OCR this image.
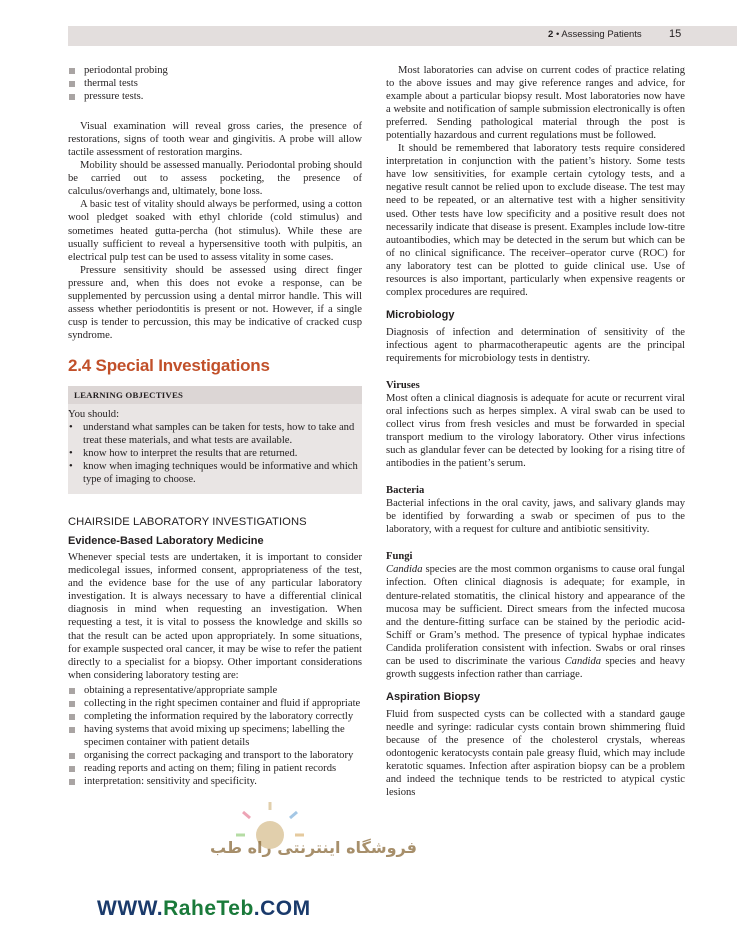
2 • Assessing Patients	15
periodontal probing
thermal tests
pressure tests.

Visual examination will reveal gross caries, the presence of restorations, signs of tooth wear and gingivitis. A probe will allow tactile assessment of restoration margins.

Mobility should be assessed manually. Periodontal probing should be carried out to assess pocketing, the presence of calculus/overhangs and, ultimately, bone loss.

A basic test of vitality should always be performed, using a cotton wool pledget soaked with ethyl chloride (cold stimulus) and sometimes heated gutta-percha (hot stimulus). While these are usually sufficient to reveal a hypersensitive tooth with pulpitis, an electrical pulp test can be used to assess vitality in some cases.

Pressure sensitivity should be assessed using direct finger pressure and, when this does not evoke a response, can be supplemented by percussion using a dental mirror handle. This will assess whether periodontitis is present or not. However, if a single cusp is tender to percussion, this may be indicative of cracked cusp syndrome.

2.4 Special Investigations
LEARNING OBJECTIVES

You should:

• understand what samples can be taken for tests, how to take and treat these materials, and what tests are available.
• know how to interpret the results that are returned.
• know when imaging techniques would be informative and which type of imaging to choose.
CHAIRSIDE LABORATORY INVESTIGATIONS
Evidence-Based Laboratory Medicine

Whenever special tests are undertaken, it is important to consider medicolegal issues, informed consent, appropriateness of the test, and the evidence base for the use of any particular laboratory investigation. It is always necessary to have a differential clinical diagnosis in mind when requesting an investigation. When requesting a test, it is vital to possess the knowledge and skills so that the result can be acted upon appropriately. In some situations, for example suspected oral cancer, it may be wise to refer the patient directly to a specialist for a biopsy. Other important considerations when considering laboratory testing are:

obtaining a representative/appropriate sample
collecting in the right specimen container and fluid if appropriate
completing the information required by the laboratory correctly
having systems that avoid mixing up specimens; labelling the specimen container with patient details
organising the correct packaging and transport to the laboratory
reading reports and acting on them; filing in patient records
interpretation: sensitivity and specificity.

Most laboratories can advise on current codes of practice relating to the above issues and may give reference ranges and advice, for example about a particular biopsy result. Most laboratories now have a website and notification of sample submission electronically is often preferred. Sending pathological material through the post is potentially hazardous and current regulations must be followed.

It should be remembered that laboratory tests require considered interpretation in conjunction with the patient’s history. Some tests have low sensitivities, for example certain cytology tests, and a negative result cannot be relied upon to exclude disease. The test may need to be repeated, or an alternative test with a higher sensitivity used. Other tests have low specificity and a positive result does not necessarily indicate that disease is present. Examples include low-titre autoantibodies, which may be detected in the serum but which can be of no clinical significance. The receiver–operator curve (ROC) for any laboratory test can be plotted to guide clinical use. Use of resources is also important, particularly when expensive reagents or complex procedures are required.

Microbiology

Diagnosis of infection and determination of sensitivity of the infectious agent to pharmacotherapeutic agents are the principal requirements for microbiology tests in dentistry.

Viruses

Most often a clinical diagnosis is adequate for acute or recurrent viral oral infections such as herpes simplex. A viral swab can be used to collect virus from fresh vesicles and must be forwarded in special transport medium to the virology laboratory. Other virus infections such as glandular fever can be detected by looking for a rising titre of antibodies in the patient’s serum.

Bacteria

Bacterial infections in the oral cavity, jaws, and salivary glands may be identified by forwarding a swab or specimen of pus to the laboratory, with a request for culture and antibiotic sensitivity.

Fungi

Candida species are the most common organisms to cause oral fungal infection. Often clinical diagnosis is adequate; for example, in denture-related stomatitis, the clinical history and appearance of the mucosa may be sufficient. Direct smears from the infected mucosa and the denture-fitting surface can be stained by the periodic acid-Schiff or Gram’s method. The presence of typical hyphae indicates Candida proliferation consistent with infection. Swabs or oral rinses can be used to discriminate the various Candida species and heavy growth suggests infection rather than carriage.

Aspiration Biopsy

Fluid from suspected cysts can be collected with a standard gauge needle and syringe: radicular cysts contain brown shimmering fluid because of the presence of the cholesterol crystals, whereas odontogenic keratocysts contain pale greasy fluid, which may include keratotic squames. Infection after aspiration biopsy can be a problem and indeed the technique tends to be restricted to atypical cystic lesions

فروشگاه اینترنتی راه طب
WWW.RaheTeb.COM
